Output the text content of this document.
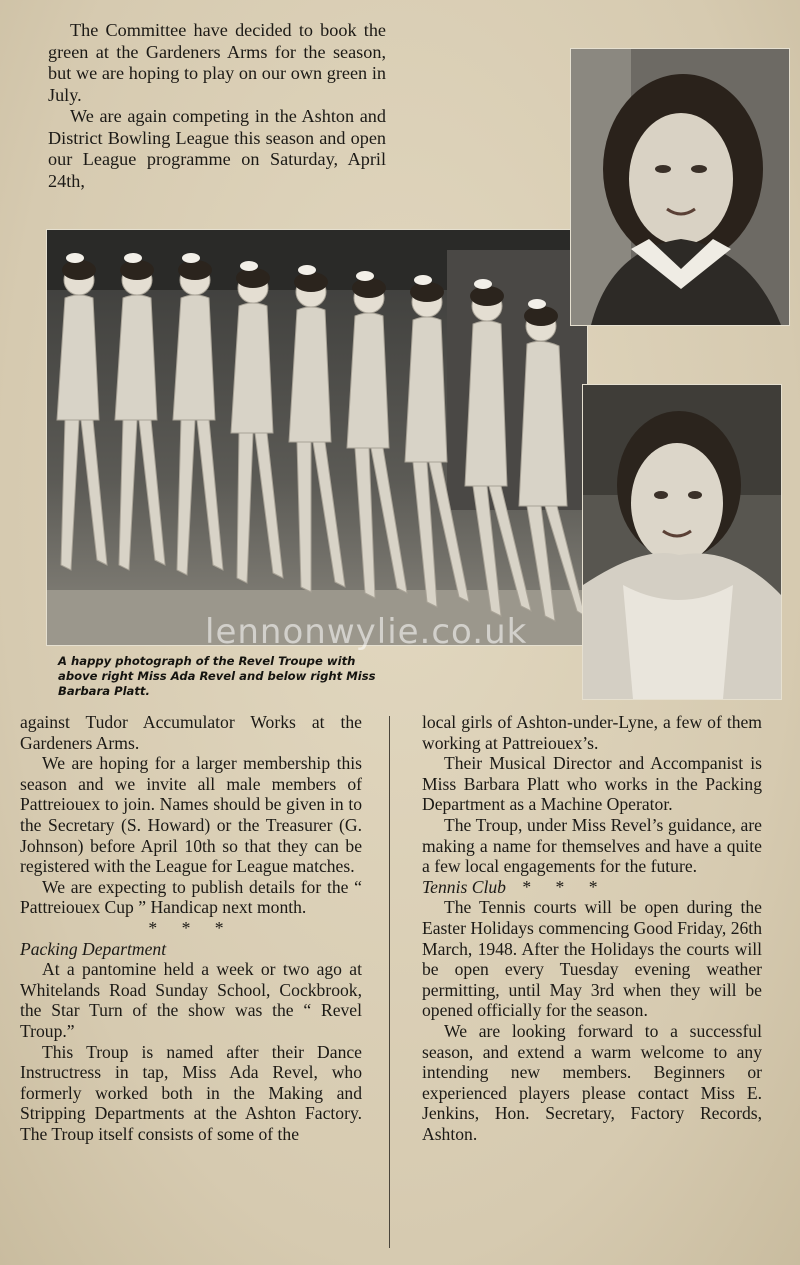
The Committee have decided to book the green at the Gardeners Arms for the season, but we are hoping to play on our own green in July.

We are again competing in the Ashton and District Bowling League this season and open our League programme on Saturday, April 24th,

A happy photograph of the Revel Troupe with above right Miss Ada Revel and below right Miss Barbara Platt.
lennonwylie.co.uk

against Tudor Accumulator Works at the Gardeners Arms.

We are hoping for a larger membership this season and we invite all male members of Pattreiouex to join. Names should be given in to the Secretary (S. Howard) or the Treasurer (G. Johnson) before April 10th so that they can be registered with the League for League matches.

We are expecting to publish details for the “ Pattreiouex Cup ” Handicap next month.

* * *

Packing Department

At a pantomine held a week or two ago at Whitelands Road Sunday School, Cockbrook, the Star Turn of the show was the “ Revel Troup.”

This Troup is named after their Dance Instructress in tap, Miss Ada Revel, who formerly worked both in the Making and Stripping Departments at the Ashton Factory. The Troup itself consists of some of the

local girls of Ashton-under-Lyne, a few of them working at Pattreiouex’s.

Their Musical Director and Accompanist is Miss Barbara Platt who works in the Packing Department as a Machine Operator.

The Troup, under Miss Revel’s guidance, are making a name for themselves and have a quite a few local engagements for the future.

Tennis Club * * *

The Tennis courts will be open during the Easter Holidays commencing Good Friday, 26th March, 1948. After the Holidays the courts will be open every Tuesday evening weather permitting, until May 3rd when they will be opened officially for the season.

We are looking forward to a successful season, and extend a warm welcome to any intending new members. Beginners or experienced players please contact Miss E. Jenkins, Hon. Secretary, Factory Records, Ashton.
